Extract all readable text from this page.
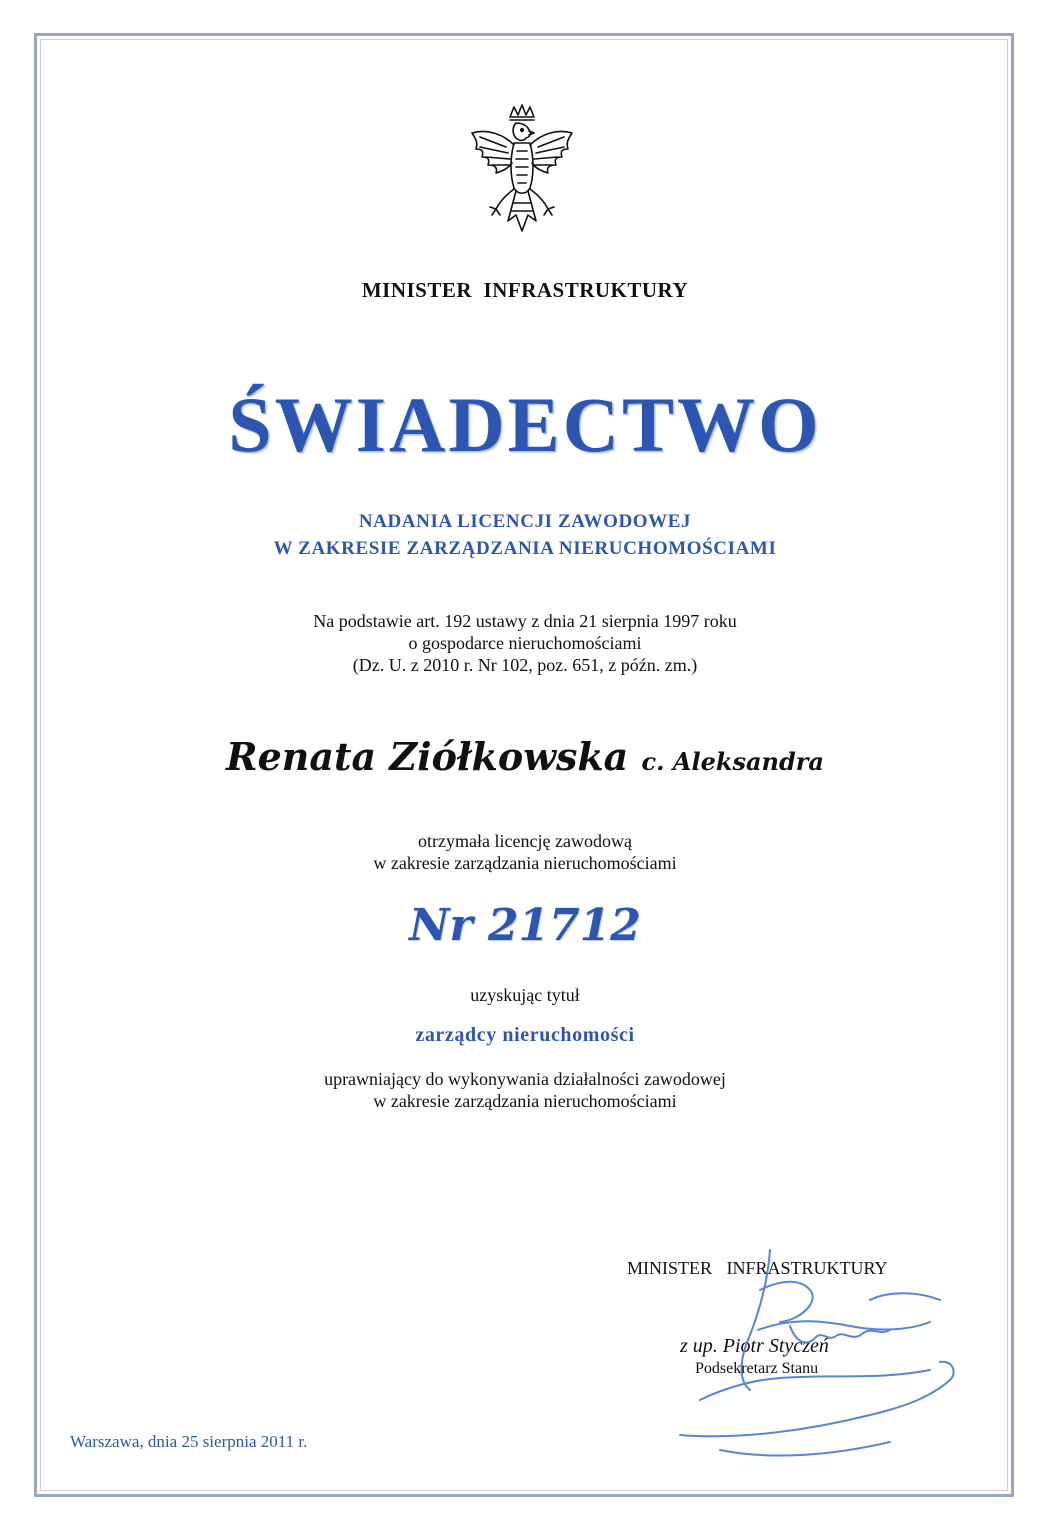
MINISTER  INFRASTRUKTURY
ŚWIADECTWO
NADANIA LICENCJI ZAWODOWEJ
W ZAKRESIE ZARZĄDZANIA NIERUCHOMOŚCIAMI
Na podstawie art. 192 ustawy z dnia 21 sierpnia 1997 roku
o gospodarce nieruchomościami
(Dz. U. z 2010 r. Nr 102, poz. 651, z późn. zm.)
Renata Ziółkowska c. Aleksandra
otrzymała licencję zawodową
w zakresie zarządzania nieruchomościami
Nr 21712
uzyskując tytuł
zarządcy nieruchomości
uprawniający do wykonywania działalności zawodowej
w zakresie zarządzania nieruchomościami
MINISTER INFRASTRUKTURY
z up. Piotr Styczeń
Podsekretarz Stanu
Warszawa, dnia 25 sierpnia 2011 r.
